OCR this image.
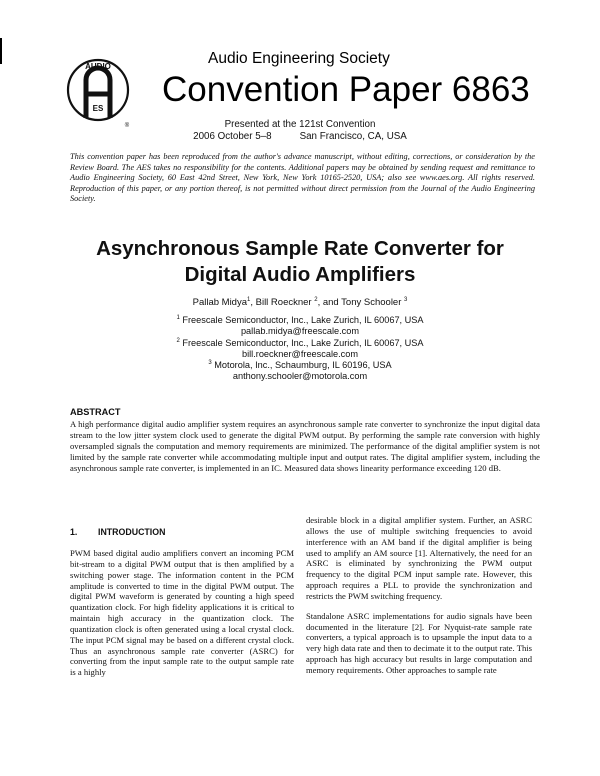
AUDIO
ES
®
A	Audio Engineering Society
Convention Paper 6863
Presented at the 121st Convention
2006 October 5–8	San Francisco, CA, USA
This convention paper has been reproduced from the author's advance manuscript, without editing, corrections, or consideration by the Review Board. The AES takes no responsibility for the contents. Additional papers may be obtained by sending request and remittance to Audio Engineering Society, 60 East 42nd Street, New York, New York 10165-2520, USA; also see www.aes.org. All rights reserved. Reproduction of this paper, or any portion thereof, is not permitted without direct permission from the Journal of the Audio Engineering Society.
Asynchronous Sample Rate Converter for
Digital Audio Amplifiers
Pallab Midya$^1$, Bill Roeckner $^2$, and Tony Schooler $^3$
$^1$ Freescale Semiconductor, Inc., Lake Zurich, IL 60067, USA
pallab.midya@freescale.com
$^2$ Freescale Semiconductor, Inc., Lake Zurich, IL 60067, USA
bill.roeckner@freescale.com
$^3$ Motorola, Inc., Schaumburg, IL 60196, USA
anthony.schooler@motorola.com
ABSTRACT
A high performance digital audio amplifier system requires an asynchronous sample rate converter to synchronize the input digital data stream to the low jitter system clock used to generate the digital PWM output. By performing the sample rate conversion with highly oversampled signals the computation and memory requirements are minimized. The performance of the digital amplifier system is not limited by the sample rate converter while accommodating multiple input and output rates. The digital amplifier system, including the asynchronous sample rate converter, is implemented in an IC. Measured data shows linearity performance exceeding 120 dB.
1. INTRODUCTION

PWM based digital audio amplifiers convert an incoming PCM bit-stream to a digital PWM output that is then amplified by a switching power stage. The information content in the PCM amplitude is converted to time in the digital PWM output. The digital PWM waveform is generated by counting a high speed quantization clock. For high fidelity applications it is critical to maintain high accuracy in the quantization clock. The quantization clock is often generated using a local crystal clock. The input PCM signal may be based on a different crystal clock. Thus an asynchronous sample rate converter (ASRC) for converting from the input sample rate to the output sample rate is a highly

desirable block in a digital amplifier system. Further, an ASRC allows the use of multiple switching frequencies to avoid interference with an AM band if the digital amplifier is being used to amplify an AM source [1]. Alternatively, the need for an ASRC is eliminated by synchronizing the PWM output frequency to the digital PCM input sample rate. However, this approach requires a PLL to provide the synchronization and restricts the PWM switching frequency.

Standalone ASRC implementations for audio signals have been documented in the literature [2]. For Nyquist-rate sample rate converters, a typical approach is to upsample the input data to a very high data rate and then to decimate it to the output rate. This approach has high accuracy but results in large computation and memory requirements. Other approaches to sample rate
